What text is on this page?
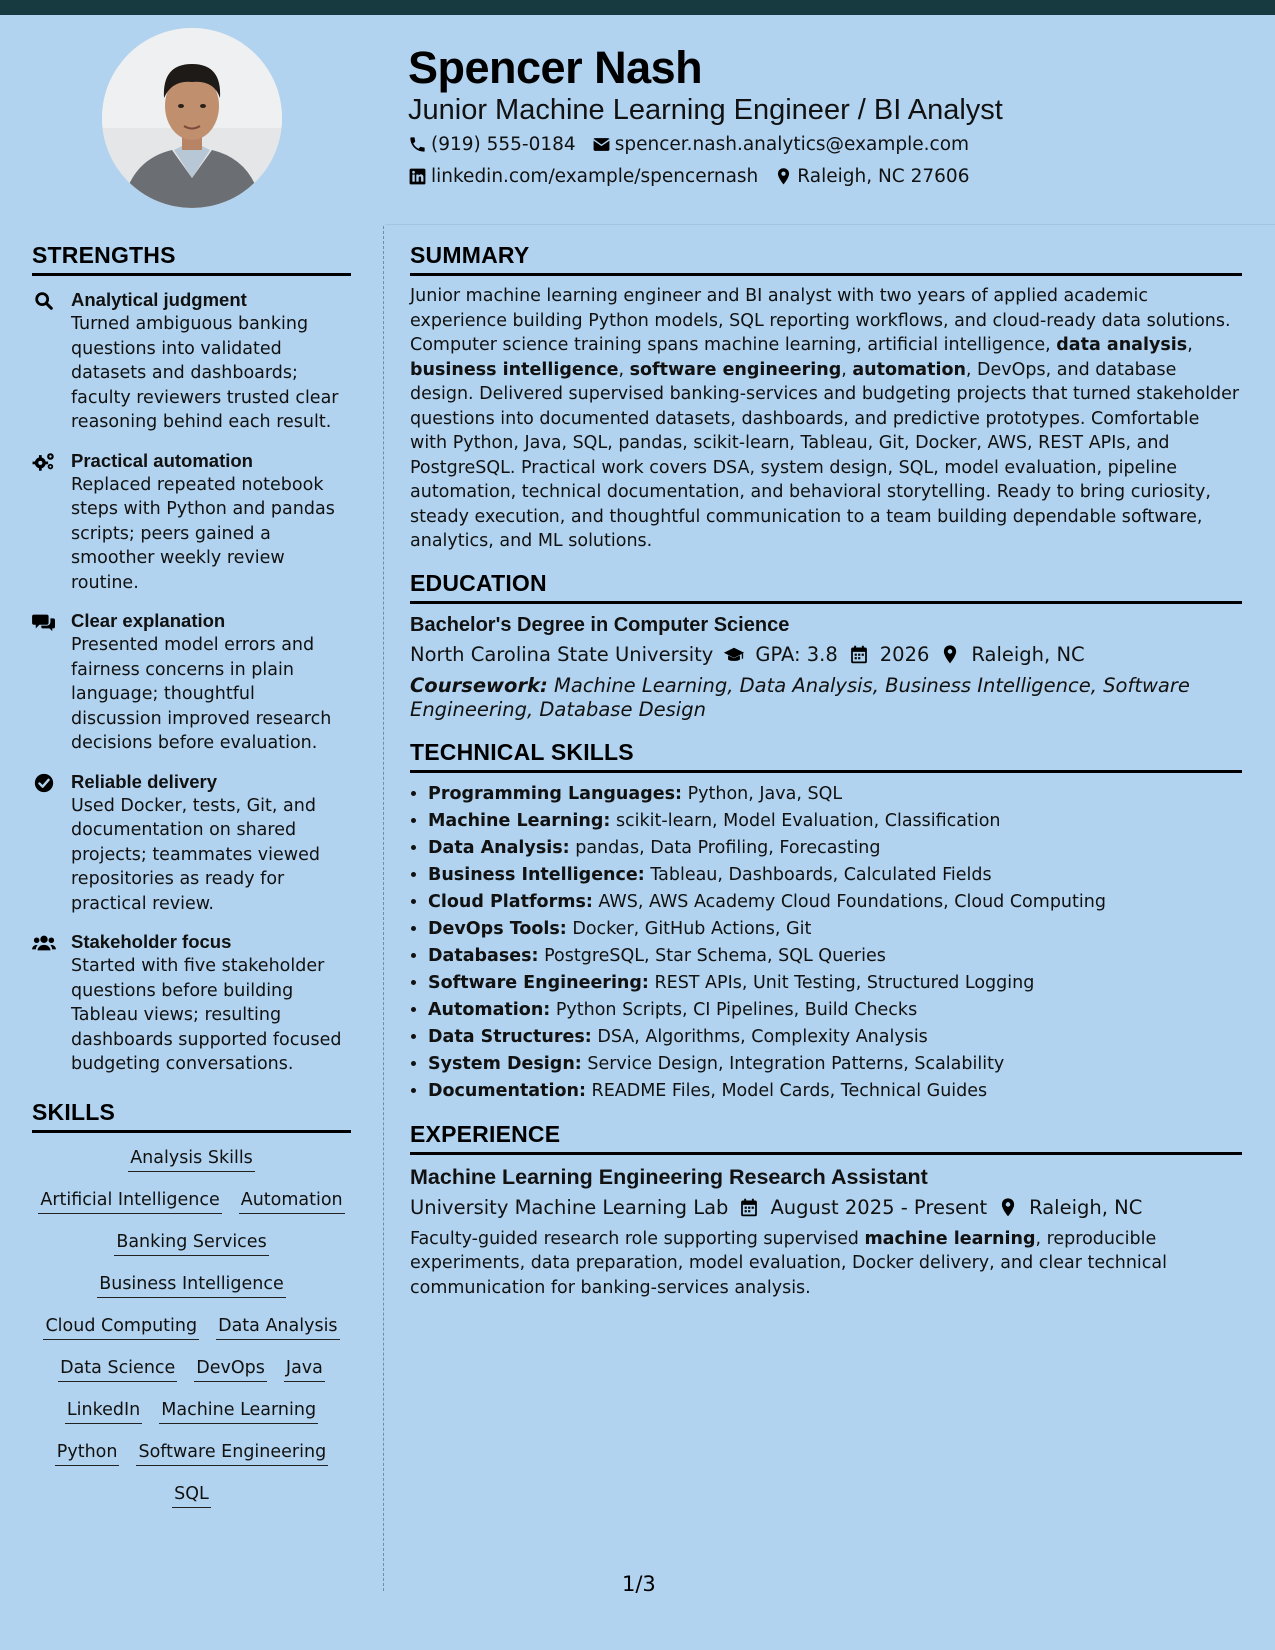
Spencer Nash
Junior Machine Learning Engineer / BI Analyst
(919) 555-0184 spencer.nash.analytics@example.com
linkedin.com/example/spencernash Raleigh, NC 27606
STRENGTHS
Analytical judgment
Turned ambiguous banking questions into validated datasets and dashboards; faculty reviewers trusted clear reasoning behind each result.
Practical automation
Replaced repeated notebook steps with Python and pandas scripts; peers gained a smoother weekly review routine.
Clear explanation
Presented model errors and fairness concerns in plain language; thoughtful discussion improved research decisions before evaluation.
Reliable delivery
Used Docker, tests, Git, and documentation on shared projects; teammates viewed repositories as ready for practical review.
Stakeholder focus
Started with five stakeholder questions before building Tableau views; resulting dashboards supported focused budgeting conversations.
SKILLS
Analysis Skills
Artificial Intelligence Automation
Banking Services
Business Intelligence
Cloud Computing Data Analysis
Data Science DevOps Java
LinkedIn Machine Learning
Python Software Engineering
SQL
SUMMARY

Junior machine learning engineer and BI analyst with two years of applied academic experience building Python models, SQL reporting workflows, and cloud-ready data solutions. Computer science training spans machine learning, artificial intelligence, data analysis, business intelligence, software engineering, automation, DevOps, and database design. Delivered supervised banking-services and budgeting projects that turned stakeholder questions into documented datasets, dashboards, and predictive prototypes. Comfortable with Python, Java, SQL, pandas, scikit-learn, Tableau, Git, Docker, AWS, REST APIs, and PostgreSQL. Practical work covers DSA, system design, SQL, model evaluation, pipeline automation, technical documentation, and behavioral storytelling. Ready to bring curiosity, steady execution, and thoughtful communication to a team building dependable software, analytics, and ML solutions.

EDUCATION
Bachelor's Degree in Computer Science
North Carolina State University GPA: 3.8 2026 Raleigh, NC

Coursework: Machine Learning, Data Analysis, Business Intelligence, Software Engineering, Database Design

TECHNICAL SKILLS
• Programming Languages: Python, Java, SQL
• Machine Learning: scikit-learn, Model Evaluation, Classification
• Data Analysis: pandas, Data Profiling, Forecasting
• Business Intelligence: Tableau, Dashboards, Calculated Fields
• Cloud Platforms: AWS, AWS Academy Cloud Foundations, Cloud Computing
• DevOps Tools: Docker, GitHub Actions, Git
• Databases: PostgreSQL, Star Schema, SQL Queries
• Software Engineering: REST APIs, Unit Testing, Structured Logging
• Automation: Python Scripts, CI Pipelines, Build Checks
• Data Structures: DSA, Algorithms, Complexity Analysis
• System Design: Service Design, Integration Patterns, Scalability
• Documentation: README Files, Model Cards, Technical Guides
EXPERIENCE
Machine Learning Engineering Research Assistant
University Machine Learning Lab August 2025 - Present Raleigh, NC

Faculty-guided research role supporting supervised machine learning, reproducible experiments, data preparation, model evaluation, Docker delivery, and clear technical communication for banking-services analysis.

1/3
